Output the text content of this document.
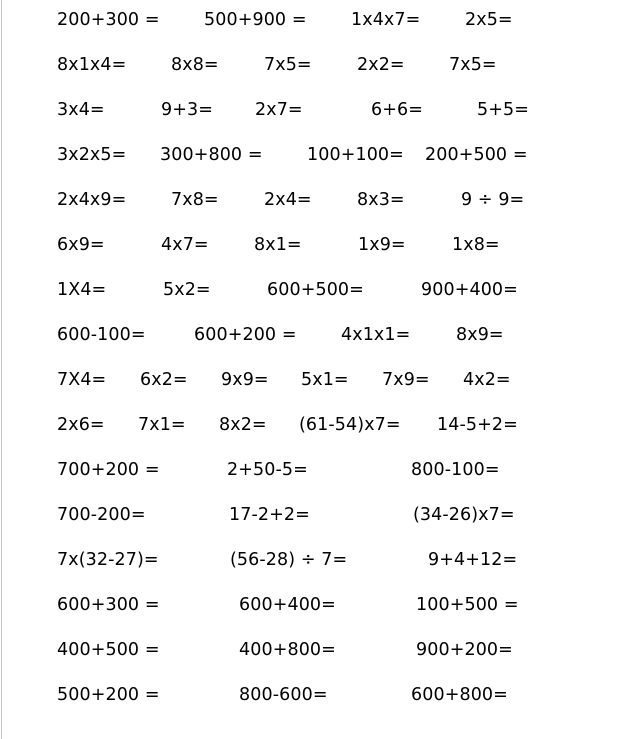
200+300 =	500+900 =	1x4x7=	2x5=
8x1x4=	8x8=	7x5=	2x2=	7x5=
3x4=	9+3= 2x7=	6+6=	5+5=
3x2x5= 300+800 =	100+100= 200+500 =
2x4x9=	7x8=	2x4=	8x3=	9 ÷ 9=
6x9=	4x7=	8x1=	1x9=	1x8=
1X4=	5x2=	600+500=	900+400=
600-100=	600+200 =	4x1x1=	8x9=
7X4= 6x2= 9x9= 5x1= 7x9= 4x2=
2x6= 7x1= 8x2= (61-54)x7= 14-5+2=
700+200 =	2+50-5=	800-100=
700-200=	17-2+2=	(34-26)x7=
7x(32-27)=	(56-28) ÷ 7=	9+4+12=
600+300 =	600+400=	100+500 =
400+500 =	400+800=	900+200=
500+200 =	800-600=	600+800=
